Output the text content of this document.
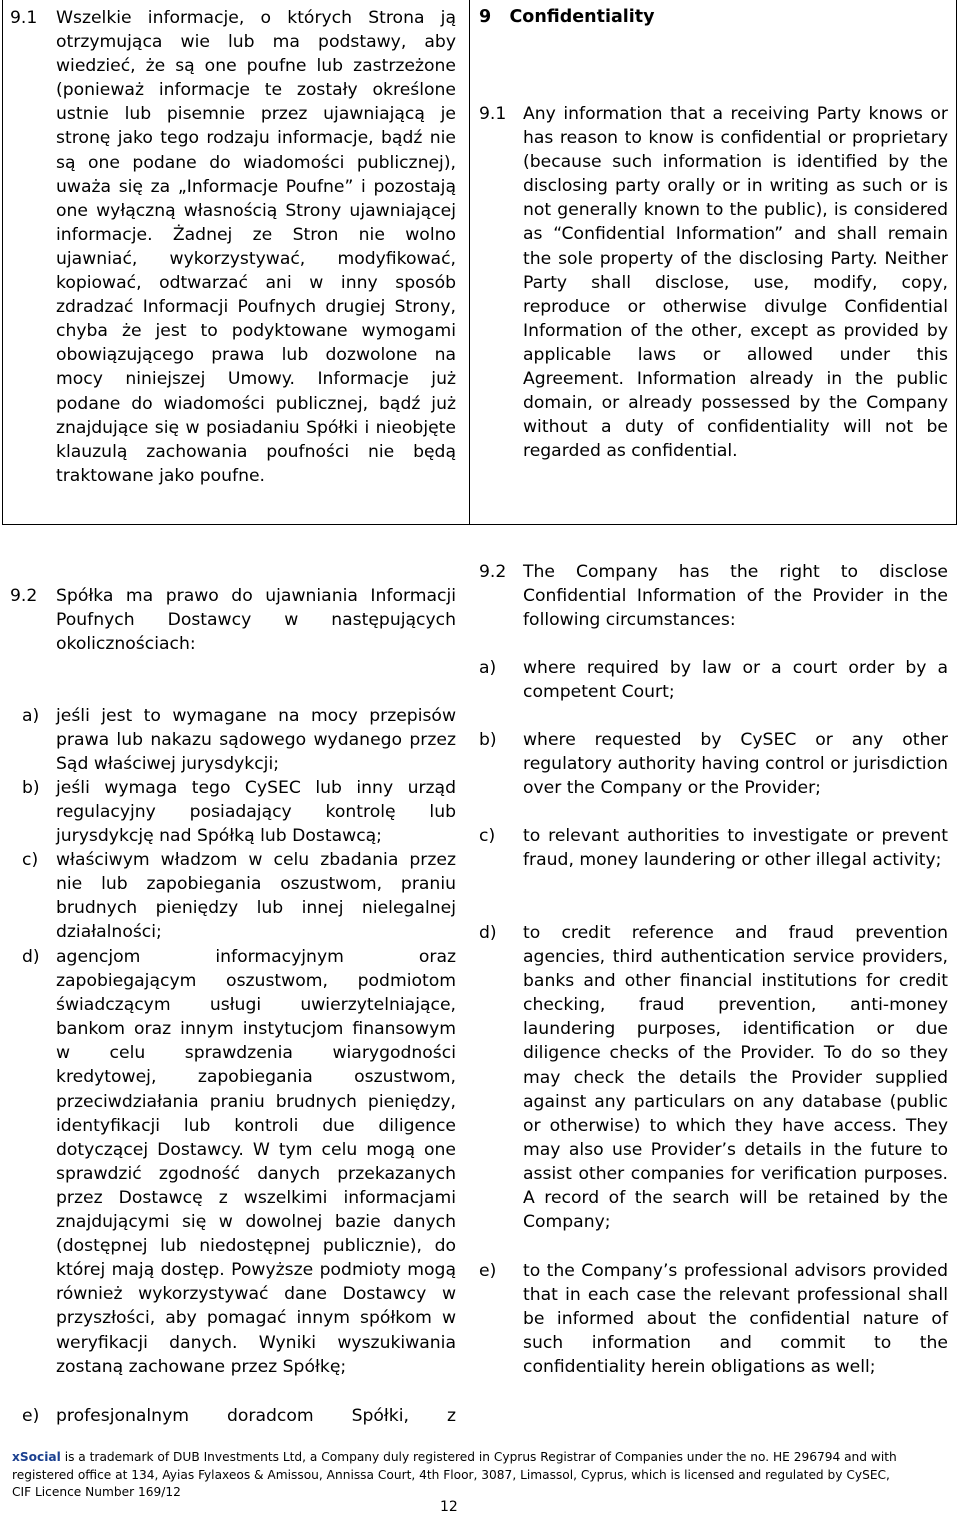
9.1 Wszelkie informacje, o których Strona ją otrzymująca wie lub ma podstawy, aby wiedzieć, że są one poufne lub zastrzeżone (ponieważ informacje te zostały określone ustnie lub pisemnie przez ujawniającą je stronę jako tego rodzaju informacje, bądź nie są one podane do wiadomości publicznej), uważa się za „Informacje Poufne” i pozostają one wyłączną własnością Strony ujawniającej informacje. Żadnej ze Stron nie wolno ujawniać, wykorzystywać, modyfikować, kopiować, odtwarzać ani w inny sposób zdradzać Informacji Poufnych drugiej Strony, chyba że jest to podyktowane wymogami obowiązującego prawa lub dozwolone na mocy niniejszej Umowy. Informacje już podane do wiadomości publicznej, bądź już znajdujące się w posiadaniu Spółki i nieobjęte klauzulą zachowania poufności nie będą traktowane jako poufne.
9   Confidentiality
9.1 Any information that a receiving Party knows or has reason to know is confidential or proprietary (because such information is identified by the disclosing party orally or in writing as such or is not generally known to the public), is considered as “Confidential Information” and shall remain the sole property of the disclosing Party. Neither Party shall disclose, use, modify, copy, reproduce or otherwise divulge Confidential Information of the other, except as provided by applicable laws or allowed under this Agreement. Information already in the public domain, or already possessed by the Company without a duty of confidentiality will not be regarded as confidential.
9.2 Spółka ma prawo do ujawniania Informacji Poufnych Dostawcy w następujących okolicznościach:
a) jeśli jest to wymagane na mocy przepisów prawa lub nakazu sądowego wydanego przez Sąd właściwej jurysdykcji;
b) jeśli wymaga tego CySEC lub inny urząd regulacyjny posiadający kontrolę lub jurysdykcję nad Spółką lub Dostawcą;
c) właściwym władzom w celu zbadania przez nie lub zapobiegania oszustwom, praniu brudnych pieniędzy lub innej nielegalnej działalności;
d) agencjom informacyjnym oraz zapobiegającym oszustwom, podmiotom świadczącym usługi uwierzytelniające, bankom oraz innym instytucjom finansowym w celu sprawdzenia wiarygodności kredytowej, zapobiegania oszustwom, przeciwdziałania praniu brudnych pieniędzy, identyfikacji lub kontroli due diligence dotyczącej Dostawcy. W tym celu mogą one sprawdzić zgodność danych przekazanych przez Dostawcę z wszelkimi informacjami znajdującymi się w dowolnej bazie danych (dostępnej lub niedostępnej publicznie), do której mają dostęp. Powyższe podmioty mogą również wykorzystywać dane Dostawcy w przyszłości, aby pomagać innym spółkom w weryfikacji danych. Wyniki wyszukiwania zostaną zachowane przez Spółkę;
e) profesjonalnym doradcom Spółki, z
9.2 The Company has the right to disclose Confidential Information of the Provider in the following circumstances:
a) where required by law or a court order by a competent Court;
b) where requested by CySEC or any other regulatory authority having control or jurisdiction over the Company or the Provider;
c) to relevant authorities to investigate or prevent fraud, money laundering or other illegal activity;
d) to credit reference and fraud prevention agencies, third authentication service providers, banks and other financial institutions for credit checking, fraud prevention, anti-money laundering purposes, identification or due diligence checks of the Provider. To do so they may check the details the Provider supplied against any particulars on any database (public or otherwise) to which they have access. They may also use Provider’s details in the future to assist other companies for verification purposes. A record of the search will be retained by the Company;
e) to the Company’s professional advisors provided that in each case the relevant professional shall be informed about the confidential nature of such information and commit to the confidentiality herein obligations as well;
xSocial is a trademark of DUB Investments Ltd, a Company duly registered in Cyprus Registrar of Companies under the no. HE 296794 and with registered office at 134, Ayias Fylaxeos & Amissou, Annissa Court, 4th Floor, 3087, Limassol, Cyprus, which is licensed and regulated by CySEC, CIF Licence Number 169/12
12
